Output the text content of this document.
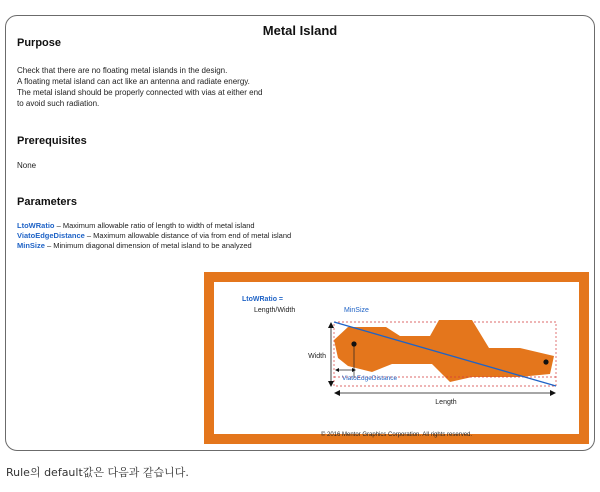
Metal Island
Purpose
Check that there are no floating metal islands in the design.
A floating metal island can act like an antenna and radiate energy.
The metal island should be properly connected with vias at either end
to avoid such radiation.
Prerequisites
None
Parameters
LtoWRatio – Maximum allowable ratio of length to width of metal island
ViatoEdgeDistance – Maximum allowable distance of via from end of metal island
MinSize – Minimum diagonal dimension of metal island to be analyzed
LtoWRatio =
Length/Width	MinSize
Width
ViatoEdgeDistance
Length
© 2016 Mentor Graphics Corporation. All rights reserved.
Rule의 default값은 다음과 같습니다.
